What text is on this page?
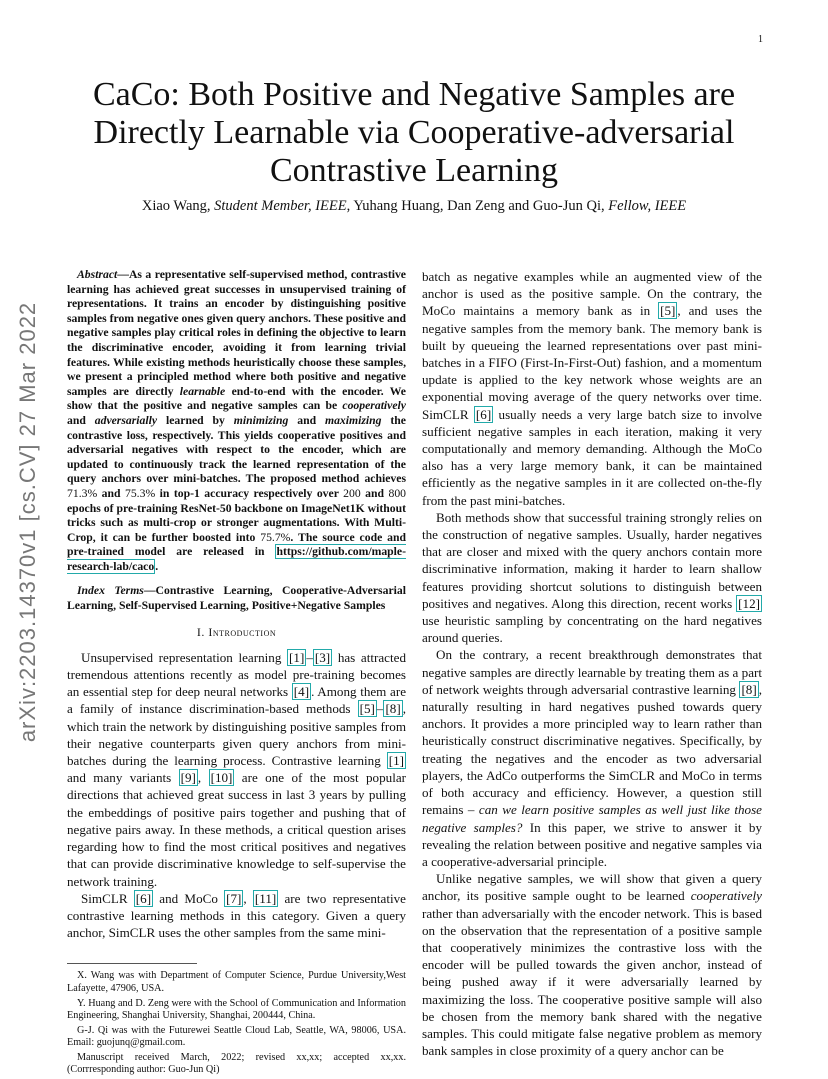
1
arXiv:2203.14370v1 [cs.CV] 27 Mar 2022
CaCo: Both Positive and Negative Samples are Directly Learnable via Cooperative-adversarial Contrastive Learning
Xiao Wang, Student Member, IEEE, Yuhang Huang, Dan Zeng and Guo-Jun Qi, Fellow, IEEE

Abstract—As a representative self-supervised method, contrastive learning has achieved great successes in unsupervised training of representations. It trains an encoder by distinguishing positive samples from negative ones given query anchors. These positive and negative samples play critical roles in defining the objective to learn the discriminative encoder, avoiding it from learning trivial features. While existing methods heuristically choose these samples, we present a principled method where both positive and negative samples are directly learnable end-to-end with the encoder. We show that the positive and negative samples can be cooperatively and adversarially learned by minimizing and maximizing the contrastive loss, respectively. This yields cooperative positives and adversarial negatives with respect to the encoder, which are updated to continuously track the learned representation of the query anchors over mini-batches. The proposed method achieves 71.3% and 75.3% in top-1 accuracy respectively over 200 and 800 epochs of pre-training ResNet-50 backbone on ImageNet1K without tricks such as multi-crop or stronger augmentations. With Multi-Crop, it can be further boosted into 75.7%. The source code and pre-trained model are released in https://github.com/maple-research-lab/caco.

Index Terms—Contrastive Learning, Cooperative-Adversarial Learning, Self-Supervised Learning, Positive+Negative Samples

I. Introduction

Unsupervised representation learning [1] – [3] has attracted tremendous attentions recently as model pre-training becomes an essential step for deep neural networks [4] . Among them are a family of instance discrimination-based methods [5] – [8] , which train the network by distinguishing positive samples from their negative counterparts given query anchors from mini-batches during the learning process. Contrastive learning [1] and many variants [9] , [10] are one of the most popular directions that achieved great success in last 3 years by pulling the embeddings of positive pairs together and pushing that of negative pairs away. In these methods, a critical question arises regarding how to find the most critical positives and negatives that can provide discriminative knowledge to self-supervise the network training.

SimCLR [6] and MoCo [7] , [11] are two representative contrastive learning methods in this category. Given a query anchor, SimCLR uses the other samples from the same mini-

X. Wang was with Department of Computer Science, Purdue University,West Lafayette, 47906, USA.

Y. Huang and D. Zeng were with the School of Communication and Information Engineering, Shanghai University, Shanghai, 200444, China.

G-J. Qi was with the Futurewei Seattle Cloud Lab, Seattle, WA, 98006, USA. Email: guojunq@gmail.com.

Manuscript received March, 2022; revised xx,xx; accepted xx,xx.(Corrresponding author: Guo-Jun Qi)

batch as negative examples while an augmented view of the anchor is used as the positive sample. On the contrary, the MoCo maintains a memory bank as in [5] , and uses the negative samples from the memory bank. The memory bank is built by queueing the learned representations over past mini-batches in a FIFO (First-In-First-Out) fashion, and a momentum update is applied to the key network whose weights are an exponential moving average of the query networks over time. SimCLR [6] usually needs a very large batch size to involve sufficient negative samples in each iteration, making it very computationally and memory demanding. Although the MoCo also has a very large memory bank, it can be maintained efficiently as the negative samples in it are collected on-the-fly from the past mini-batches.

Both methods show that successful training strongly relies on the construction of negative samples. Usually, harder negatives that are closer and mixed with the query anchors contain more discriminative information, making it harder to learn shallow features providing shortcut solutions to distinguish between positives and negatives. Along this direction, recent works [12] use heuristic sampling by concentrating on the hard negatives around queries.

On the contrary, a recent breakthrough demonstrates that negative samples are directly learnable by treating them as a part of network weights through adversarial contrastive learning [8] , naturally resulting in hard negatives pushed towards query anchors. It provides a more principled way to learn rather than heuristically construct discriminative negatives. Specifically, by treating the negatives and the encoder as two adversarial players, the AdCo outperforms the SimCLR and MoCo in terms of both accuracy and efficiency. However, a question still remains – can we learn positive samples as well just like those negative samples? In this paper, we strive to answer it by revealing the relation between positive and negative samples via a cooperative-adversarial principle.

Unlike negative samples, we will show that given a query anchor, its positive sample ought to be learned cooperatively rather than adversarially with the encoder network. This is based on the observation that the representation of a positive sample that cooperatively minimizes the contrastive loss with the encoder will be pulled towards the given anchor, instead of being pushed away if it were adversarially learned by maximizing the loss. The cooperative positive sample will also be chosen from the memory bank shared with the negative samples. This could mitigate false negative problem as memory bank samples in close proximity of a query anchor can be
